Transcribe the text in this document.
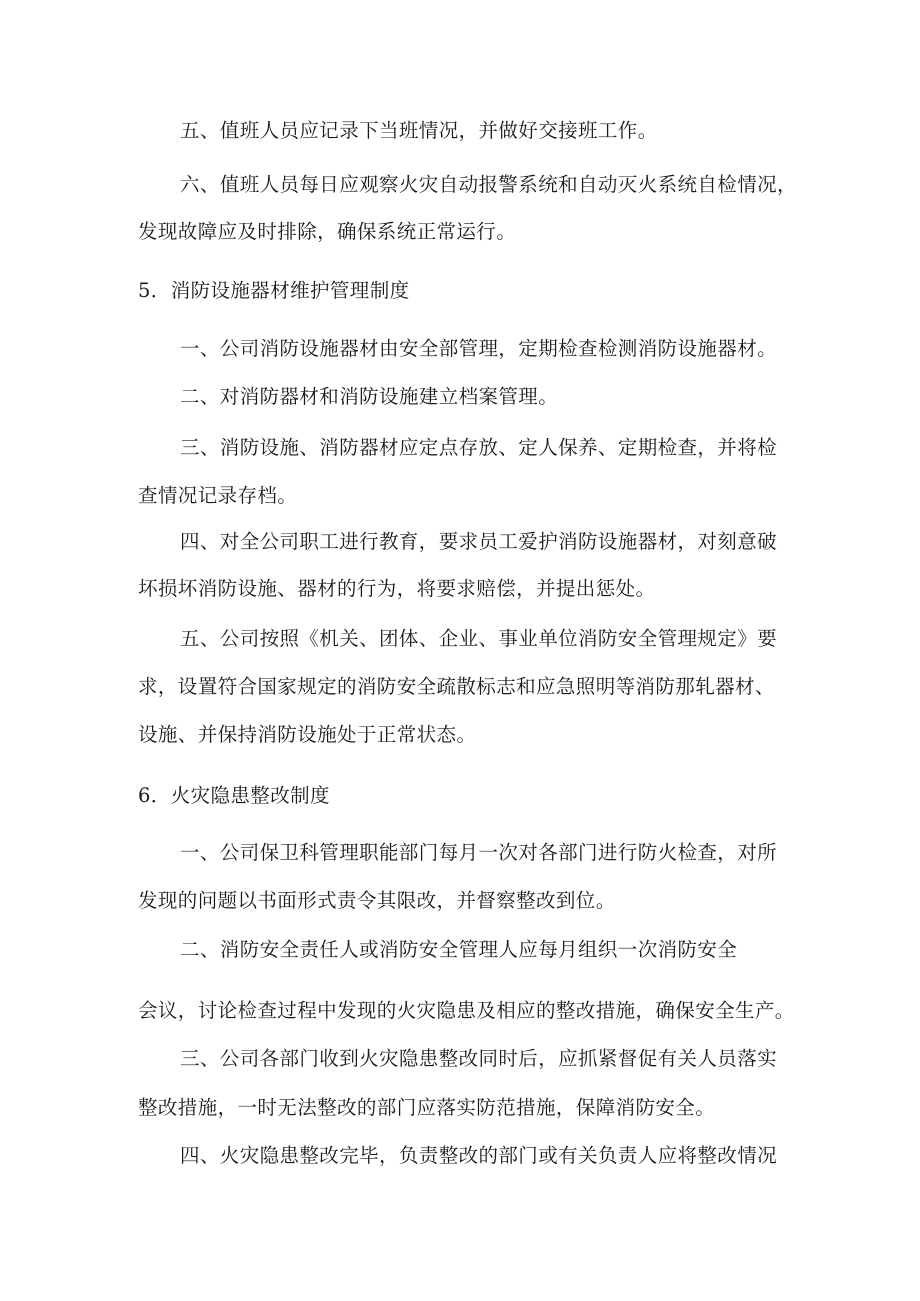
五、值班人员应记录下当班情况，并做好交接班工作。

六、值班人员每日应观察火灾自动报警系统和自动灭火系统自检情况，

发现故障应及时排除，确保系统正常运行。

5．消防设施器材维护管理制度

一、公司消防设施器材由安全部管理，定期检查检测消防设施器材。

二、对消防器材和消防设施建立档案管理。

三、消防设施、消防器材应定点存放、定人保养、定期检查，并将检

查情况记录存档。

四、对全公司职工进行教育，要求员工爱护消防设施器材，对刻意破

坏损坏消防设施、器材的行为，将要求赔偿，并提出惩处。

五、公司按照《机关、团体、企业、事业单位消防安全管理规定》要

求，设置符合国家规定的消防安全疏散标志和应急照明等消防那轧器材、

设施、并保持消防设施处于正常状态。

6．火灾隐患整改制度

一、公司保卫科管理职能部门每月一次对各部门进行防火检查，对所

发现的问题以书面形式责令其限改，并督察整改到位。

二、消防安全责任人或消防安全管理人应每月组织一次消防安全

会议，讨论检查过程中发现的火灾隐患及相应的整改措施，确保安全生产。

三、公司各部门收到火灾隐患整改同时后，应抓紧督促有关人员落实

整改措施，一时无法整改的部门应落实防范措施，保障消防安全。

四、火灾隐患整改完毕，负责整改的部门或有关负责人应将整改情况
